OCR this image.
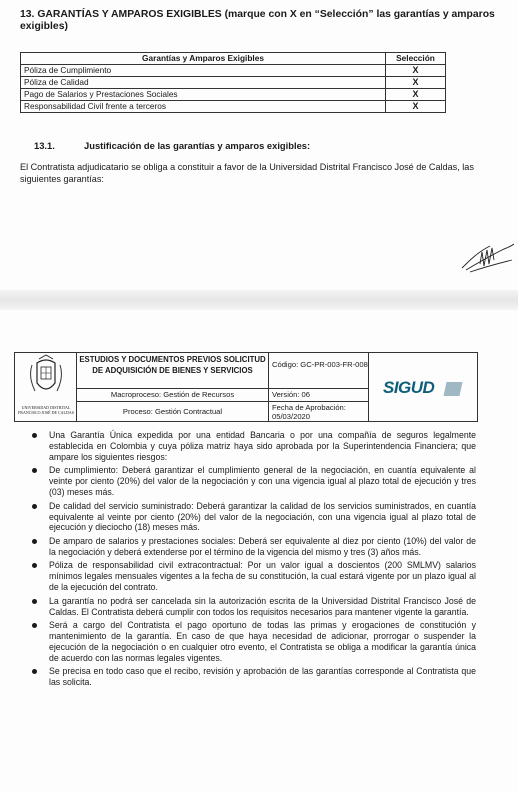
13. GARANTÍAS Y AMPAROS EXIGIBLES (marque con X en “Selección” las garantías y amparos exigibles)
Garantías y Amparos Exigibles	Selección
Póliza de Cumplimiento	X
Póliza de Calidad	X
Pago de Salarios y Prestaciones Sociales	X
Responsabilidad Civil frente a terceros	X
13.1.	Justificación de las garantías y amparos exigibles:
El Contratista adjudicatario se obliga a constituir a favor de la Universidad Distrital Francisco José de Caldas, las siguientes garantías:
UNIVERSIDAD DISTRITAL FRANCISCO JOSÉ DE CALDAS
ESTUDIOS Y DOCUMENTOS PREVIOS SOLICITUD DE ADQUISICIÓN DE BIENES Y SERVICIOS
Macroproceso: Gestión de Recursos
Proceso: Gestión Contractual
Código: GC-PR-003-FR-008
Versión: 06
Fecha de Aprobación: 05/03/2020
SIGUD
Una Garantía Única expedida por una entidad Bancaria o por una compañía de seguros legalmente establecida en Colombia y cuya póliza matriz haya sido aprobada por la Superintendencia Financiera; que ampare los siguientes riesgos:
De cumplimiento: Deberá garantizar el cumplimiento general de la negociación, en cuantía equivalente al veinte por ciento (20%) del valor de la negociación y con una vigencia igual al plazo total de ejecución y tres (03) meses más.
De calidad del servicio suministrado: Deberá garantizar la calidad de los servicios suministrados, en cuantía equivalente al veinte por ciento (20%) del valor de la negociación, con una vigencia igual al plazo total de ejecución y dieciocho (18) meses más.
De amparo de salarios y prestaciones sociales: Deberá ser equivalente al diez por ciento (10%) del valor de la negociación y deberá extenderse por el término de la vigencia del mismo y tres (3) años más.
Póliza de responsabilidad civil extracontractual: Por un valor igual a doscientos (200 SMLMV) salarios mínimos legales mensuales vigentes a la fecha de su constitución, la cual estará vigente por un plazo igual al de la ejecución del contrato.
La garantía no podrá ser cancelada sin la autorización escrita de la Universidad Distrital Francisco José de Caldas. El Contratista deberá cumplir con todos los requisitos necesarios para mantener vigente la garantía.
Será a cargo del Contratista el pago oportuno de todas las primas y erogaciones de constitución y mantenimiento de la garantía. En caso de que haya necesidad de adicionar, prorrogar o suspender la ejecución de la negociación o en cualquier otro evento, el Contratista se obliga a modificar la garantía única de acuerdo con las normas legales vigentes.
Se precisa en todo caso que el recibo, revisión y aprobación de las garantías corresponde al Contratista que las solicita.
